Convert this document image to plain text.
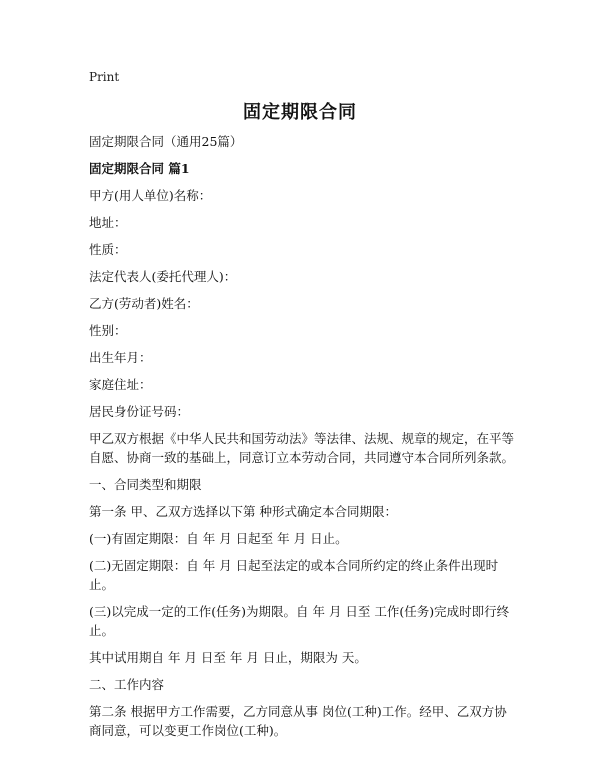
Print
固定期限合同

固定期限合同（通用25篇）

固定期限合同 篇1

甲方(用人单位)名称：

地址：

性质：

法定代表人(委托代理人)：

乙方(劳动者)姓名：

性别：

出生年月：

家庭住址：

居民身份证号码：

甲乙双方根据《中华人民共和国劳动法》等法律、法规、规章的规定，在平等自愿、协商一致的基础上，同意订立本劳动合同，共同遵守本合同所列条款。

一、合同类型和期限

第一条 甲、乙双方选择以下第 种形式确定本合同期限：

(一)有固定期限：自 年 月 日起至 年 月 日止。

(二)无固定期限：自 年 月 日起至法定的或本合同所约定的终止条件出现时止。

(三)以完成一定的工作(任务)为期限。自 年 月 日至 工作(任务)完成时即行终止。

其中试用期自 年 月 日至 年 月 日止，期限为 天。

二、工作内容

第二条 根据甲方工作需要，乙方同意从事 岗位(工种)工作。经甲、乙双方协商同意，可以变更工作岗位(工种)。
